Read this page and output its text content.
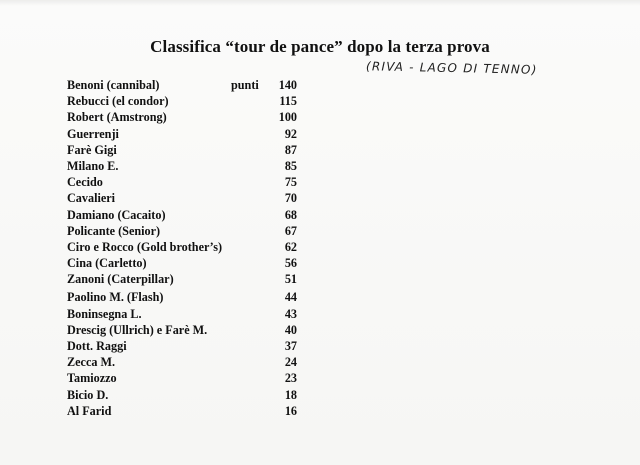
Classifica “tour de pance” dopo la terza prova
(RIVA - LAGO DI TENNO)
Benoni (cannibal)	punti	140
Rebucci (el condor)	115
Robert (Amstrong)	100
Guerrenji	92
Farè Gigi	87
Milano E.	85
Cecido	75
Cavalieri	70
Damiano (Cacaito)	68
Policante (Senior)	67
Ciro e Rocco (Gold brother’s)	62
Cina (Carletto)	56
Zanoni (Caterpillar)	51
Paolino M. (Flash)	44
Boninsegna L.	43
Drescig (Ullrich) e Farè M.	40
Dott. Raggi	37
Zecca M.	24
Tamiozzo	23
Bicio D.	18
Al Farid	16
